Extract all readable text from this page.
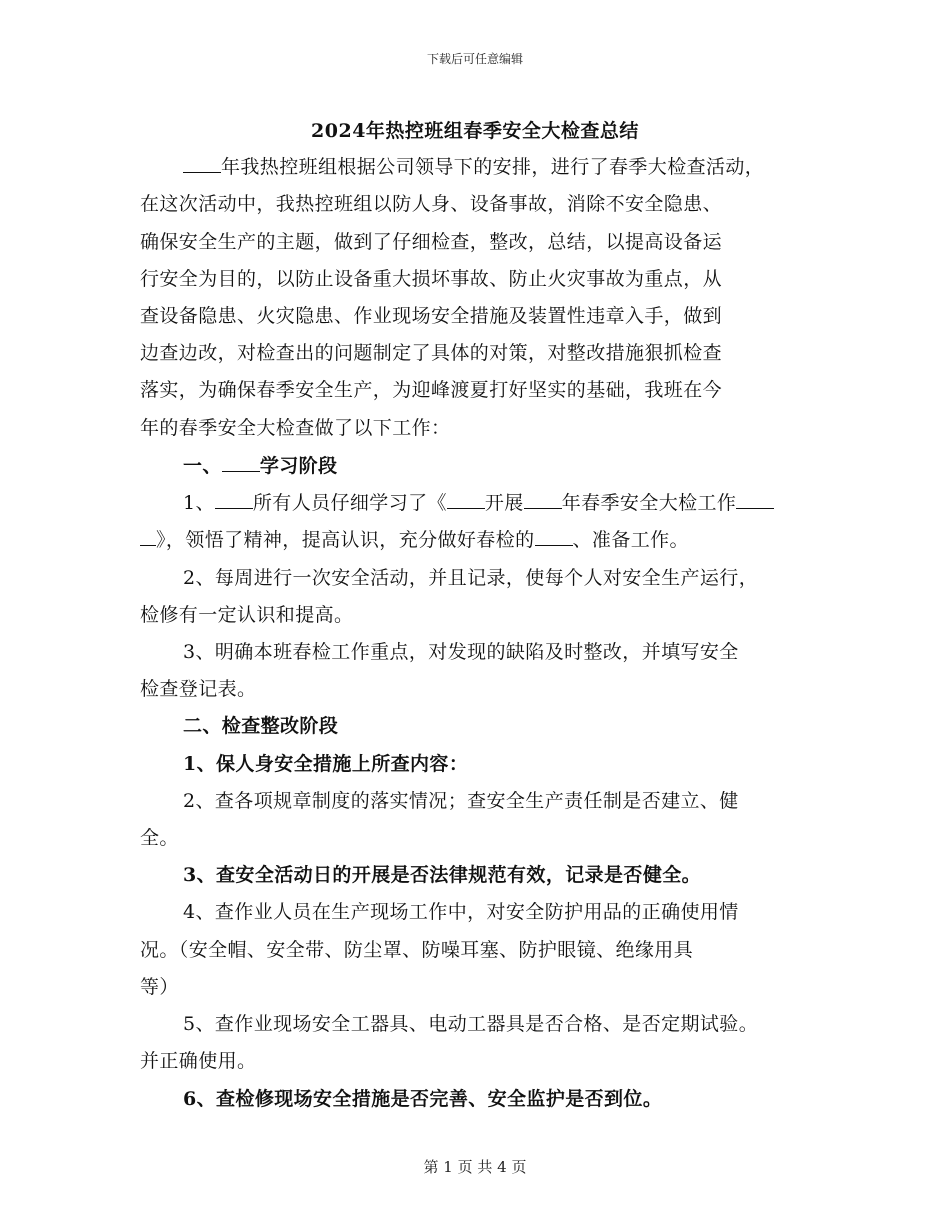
下载后可任意编辑
2024年热控班组春季安全大检查总结
年我热控班组根据公司领导下的安排，进行了春季大检查活动，
在这次活动中，我热控班组以防人身、设备事故，消除不安全隐患、
确保安全生产的主题，做到了仔细检查，整改，总结，以提高设备运
行安全为目的，以防止设备重大损坏事故、防止火灾事故为重点，从
查设备隐患、火灾隐患、作业现场安全措施及装置性违章入手，做到
边查边改，对检查出的问题制定了具体的对策，对整改措施狠抓检查
落实，为确保春季安全生产，为迎峰渡夏打好坚实的基础，我班在今
年的春季安全大检查做了以下工作：
一、 学习阶段
1、 所有人员仔细学习了《 开展 年春季安全大检工作
》，领悟了精神，提高认识，充分做好春检的 、准备工作。
2、每周进行一次安全活动，并且记录，使每个人对安全生产运行，
检修有一定认识和提高。
3、明确本班春检工作重点，对发现的缺陷及时整改，并填写安全
检查登记表。
二、检查整改阶段
1、保人身安全措施上所查内容：
2、查各项规章制度的落实情况；查安全生产责任制是否建立、健
全。
3、查安全活动日的开展是否法律规范有效，记录是否健全。
4、查作业人员在生产现场工作中，对安全防护用品的正确使用情
况。（安全帽、安全带、防尘罩、防噪耳塞、防护眼镜、绝缘用具
等）
5、查作业现场安全工器具、电动工器具是否合格、是否定期试验。
并正确使用。
6、查检修现场安全措施是否完善、安全监护是否到位。
第 1 页 共 4 页
